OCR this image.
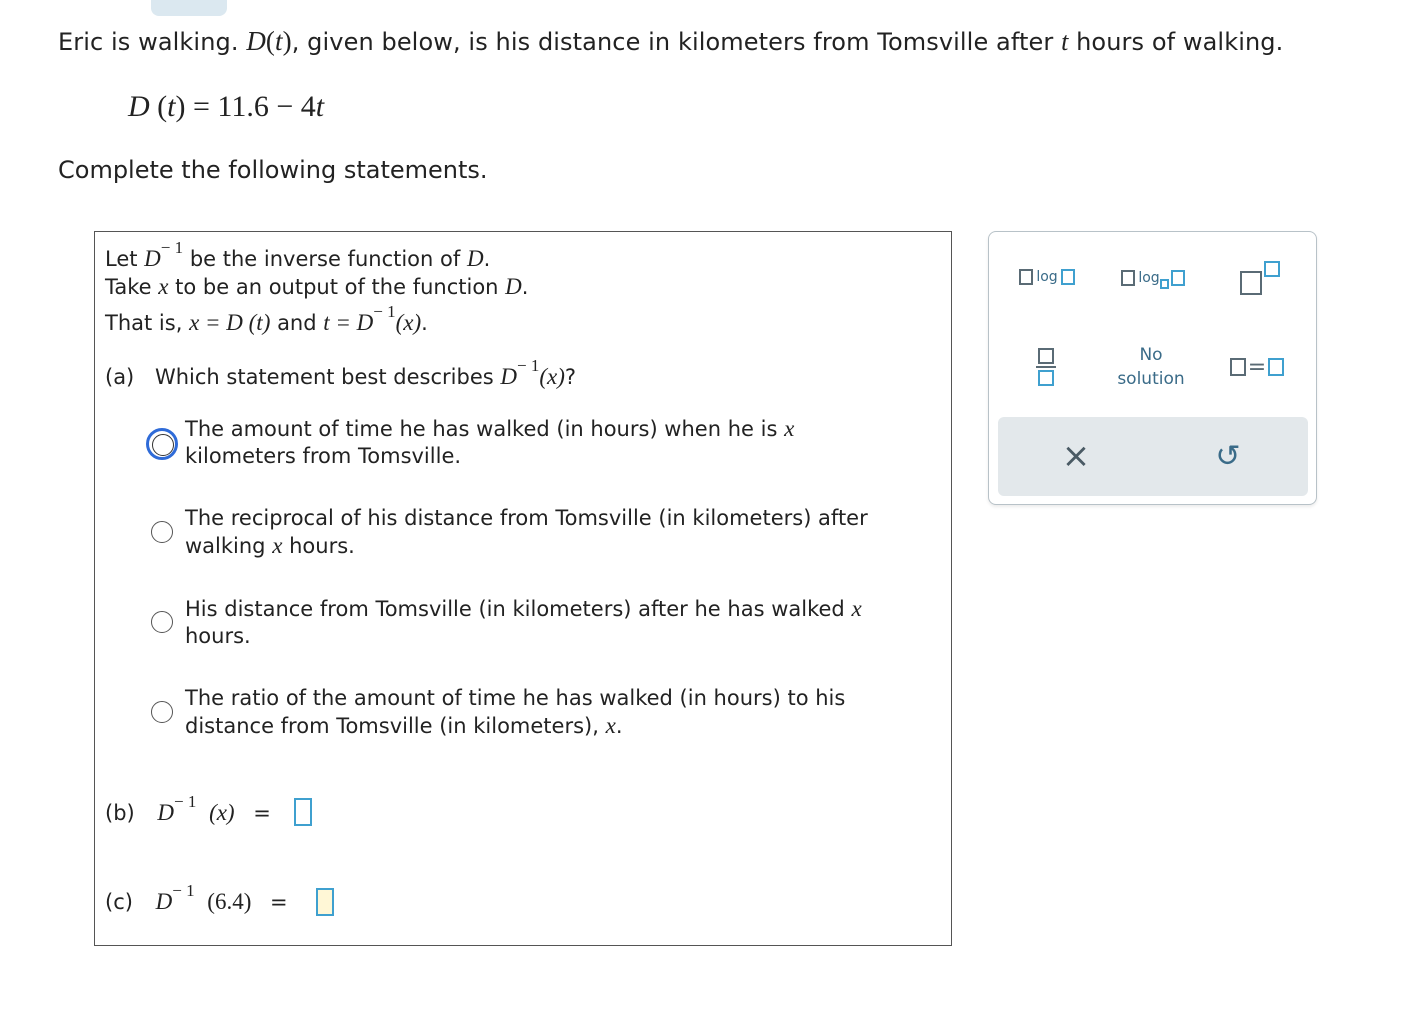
Eric is walking. D(t), given below, is his distance in kilometers from Tomsville after t hours of walking.
D (t) = 11.6 − 4t
Complete the following statements.
Let $D^{- 1}$ be the inverse function of D.
Take x to be an output of the function D.
That is, x = D (t) and $t = D^{- 1}(x)$.
(a) Which statement best describes $D^{- 1}(x)$?
The amount of time he has walked (in hours) when he is x
kilometers from Tomsville.
The reciprocal of his distance from Tomsville (in kilometers) after
walking x hours.
His distance from Tomsville (in kilometers) after he has walked x
hours.
The ratio of the amount of time he has walked (in hours) to his
distance from Tomsville (in kilometers), x.
(b) $D^{- 1}$ (x) =
(c) $D^{- 1}$ (6.4) =
log	log
No
solution	=
×	↺
